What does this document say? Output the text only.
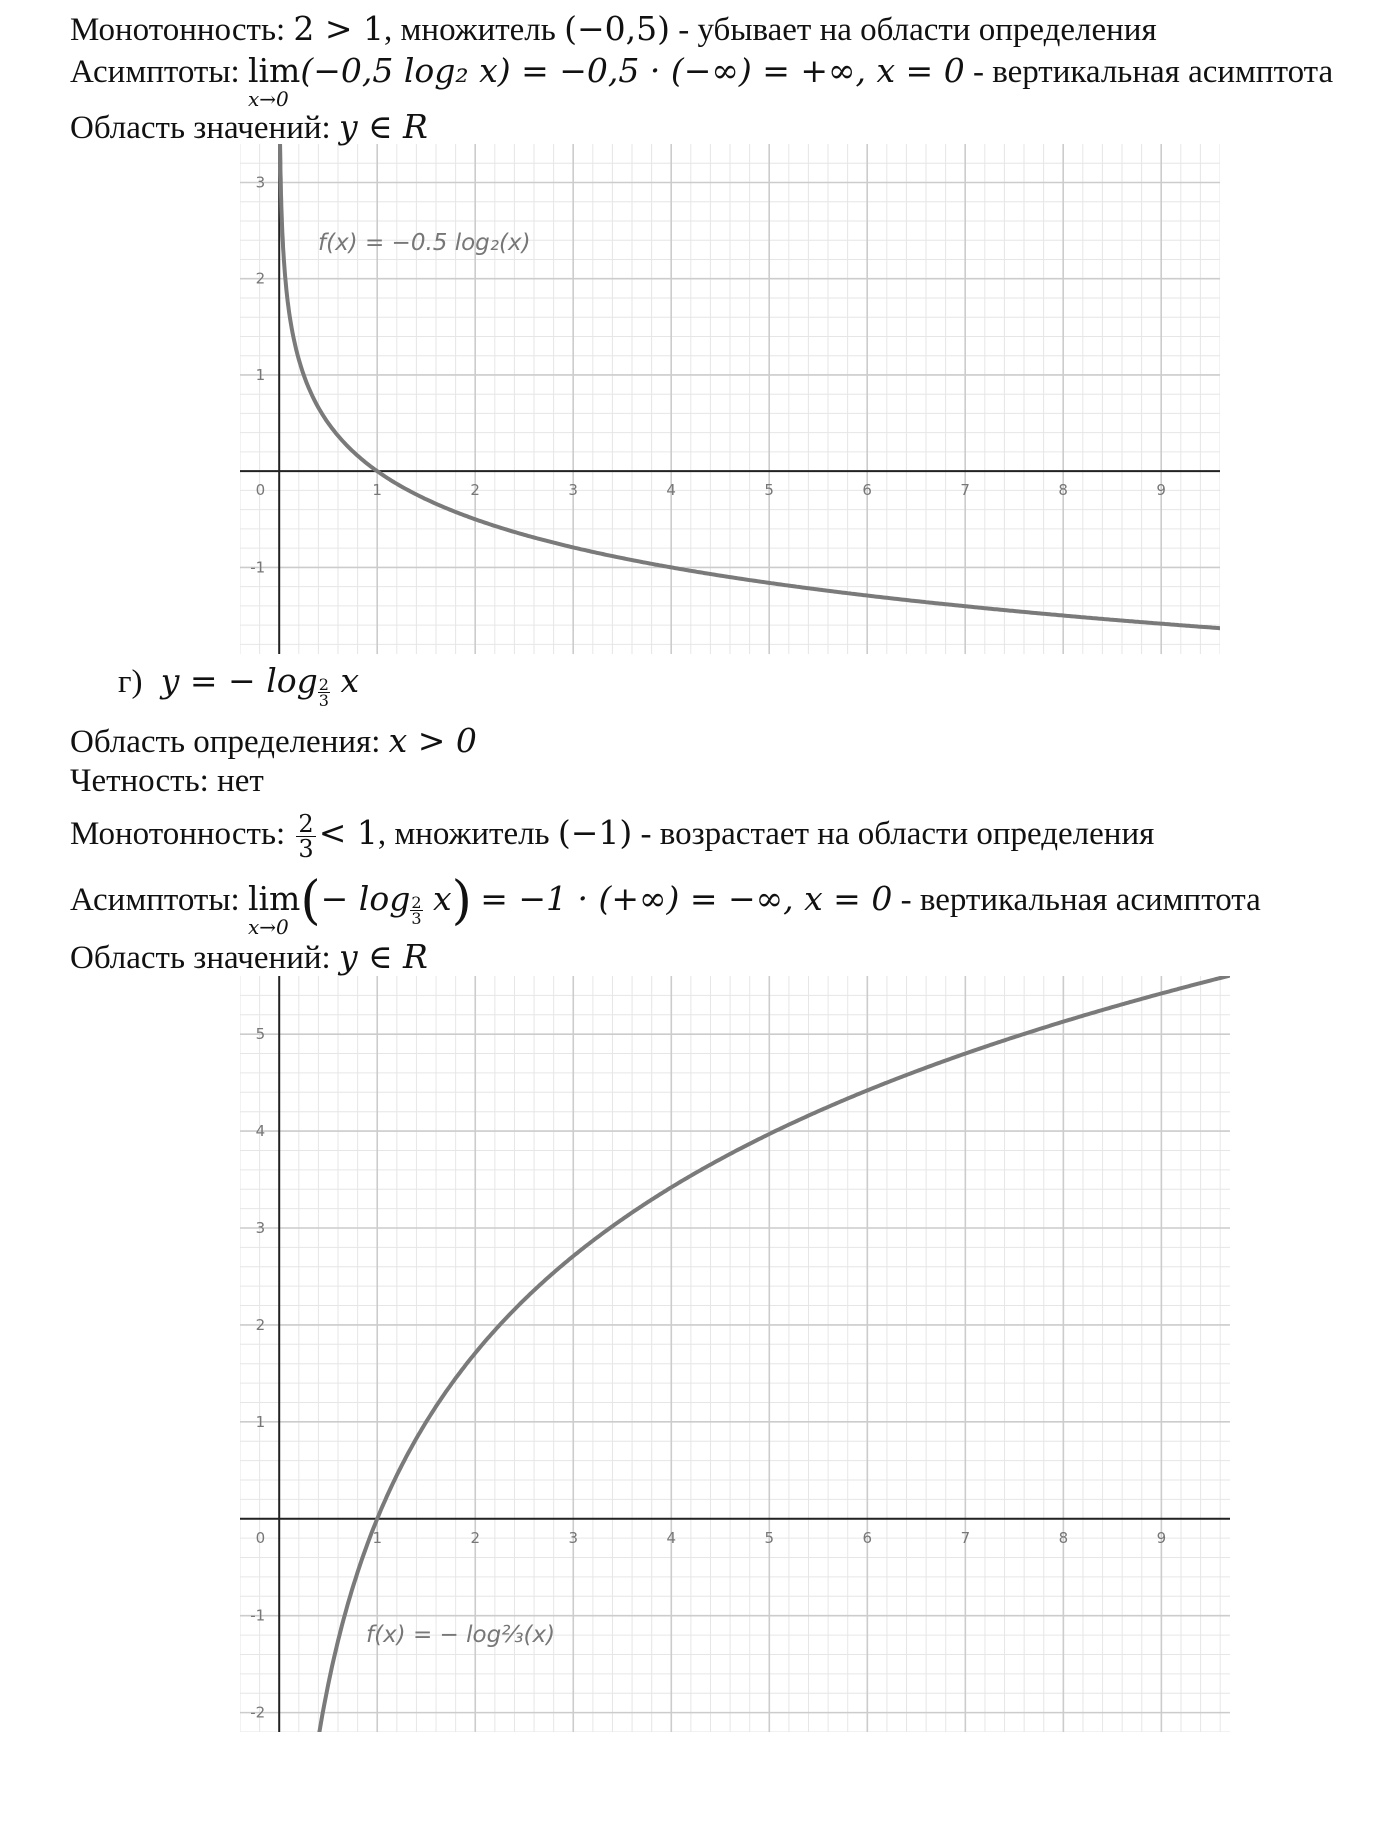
Монотонность: 2 > 1, множитель (−0,5) - убывает на области определения
Асимптоты: lim
x→0
(−0,5 log₂ x) = −0,5 · (−∞) = +∞, x = 0 - вертикальная асимптота
Область значений: y ∈ R
1	2	3	4	5	6	7	8	9
-1
0
1
2
3
f(x) = −0.5 log₂(x)
г) y = − $\log \frac{2}{3}$ x
Область определения: x > 0
Четность: нет
Монотонность: $\frac{2}{3} < 1$, множитель (−1) - возрастает на области определения
Асимптоты: lim
x→0 (− $\log \frac{2}{3} x) = -1$ · (+∞) = −∞, x = 0 - вертикальная асимптота
Область значений: y ∈ R
1	2	3	4	5	6	7	8	9
-2
-1
0
1
2
3
4
5
f(x) = − log⅔(x)
